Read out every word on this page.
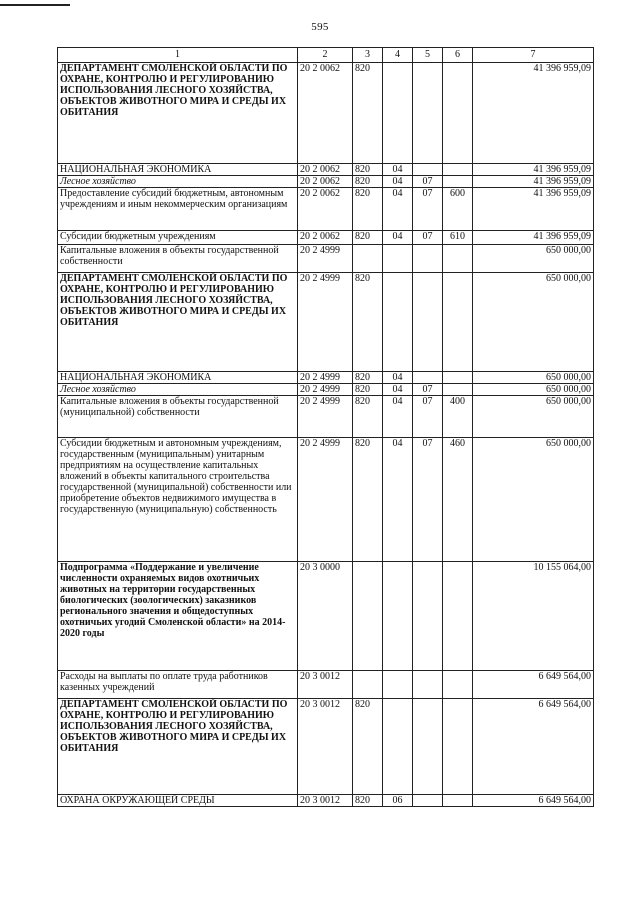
595
1	2	3	4	5	6	7
ДЕПАРТАМЕНТ СМОЛЕНСКОЙ ОБЛАСТИ ПО ОХРАНЕ, КОНТРОЛЮ И РЕГУЛИРОВАНИЮ ИСПОЛЬЗОВАНИЯ ЛЕСНОГО ХОЗЯЙСТВА, ОБЪЕКТОВ ЖИВОТНОГО МИРА И СРЕДЫ ИХ ОБИТАНИЯ	20 2 0062	820				41 396 959,09
НАЦИОНАЛЬНАЯ ЭКОНОМИКА	20 2 0062	820	04			41 396 959,09
Лесное хозяйство	20 2 0062	820	04	07		41 396 959,09
Предоставление субсидий бюджетным, автономным учреждениям и иным некоммерческим организациям	20 2 0062	820	04	07	600	41 396 959,09
Субсидии бюджетным учреждениям	20 2 0062	820	04	07	610	41 396 959,09
Капитальные вложения в объекты государственной собственности	20 2 4999					650 000,00
ДЕПАРТАМЕНТ СМОЛЕНСКОЙ ОБЛАСТИ ПО ОХРАНЕ, КОНТРОЛЮ И РЕГУЛИРОВАНИЮ ИСПОЛЬЗОВАНИЯ ЛЕСНОГО ХОЗЯЙСТВА, ОБЪЕКТОВ ЖИВОТНОГО МИРА И СРЕДЫ ИХ ОБИТАНИЯ	20 2 4999	820				650 000,00
НАЦИОНАЛЬНАЯ ЭКОНОМИКА	20 2 4999	820	04			650 000,00
Лесное хозяйство	20 2 4999	820	04	07		650 000,00
Капитальные вложения в объекты государственной (муниципальной) собственности	20 2 4999	820	04	07	400	650 000,00
Субсидии бюджетным и автономным учреждениям, государственным (муниципальным) унитарным предприятиям на осуществление капитальных вложений в объекты капитального строительства государственной (муниципальной) собственности или приобретение объектов недвижимого имущества в государственную (муниципальную) собственность	20 2 4999	820	04	07	460	650 000,00
Подпрограмма «Поддержание и увеличение численности охраняемых видов охотничьих животных на территории государственных биологических (зоологических) заказников регионального значения и общедоступных охотничьих угодий Смоленской области» на 2014-2020 годы	20 3 0000					10 155 064,00
Расходы на выплаты по оплате труда работников казенных учреждений	20 3 0012					6 649 564,00
ДЕПАРТАМЕНТ СМОЛЕНСКОЙ ОБЛАСТИ ПО ОХРАНЕ, КОНТРОЛЮ И РЕГУЛИРОВАНИЮ ИСПОЛЬЗОВАНИЯ ЛЕСНОГО ХОЗЯЙСТВА, ОБЪЕКТОВ ЖИВОТНОГО МИРА И СРЕДЫ ИХ ОБИТАНИЯ	20 3 0012	820				6 649 564,00
ОХРАНА ОКРУЖАЮЩЕЙ СРЕДЫ	20 3 0012	820	06			6 649 564,00
